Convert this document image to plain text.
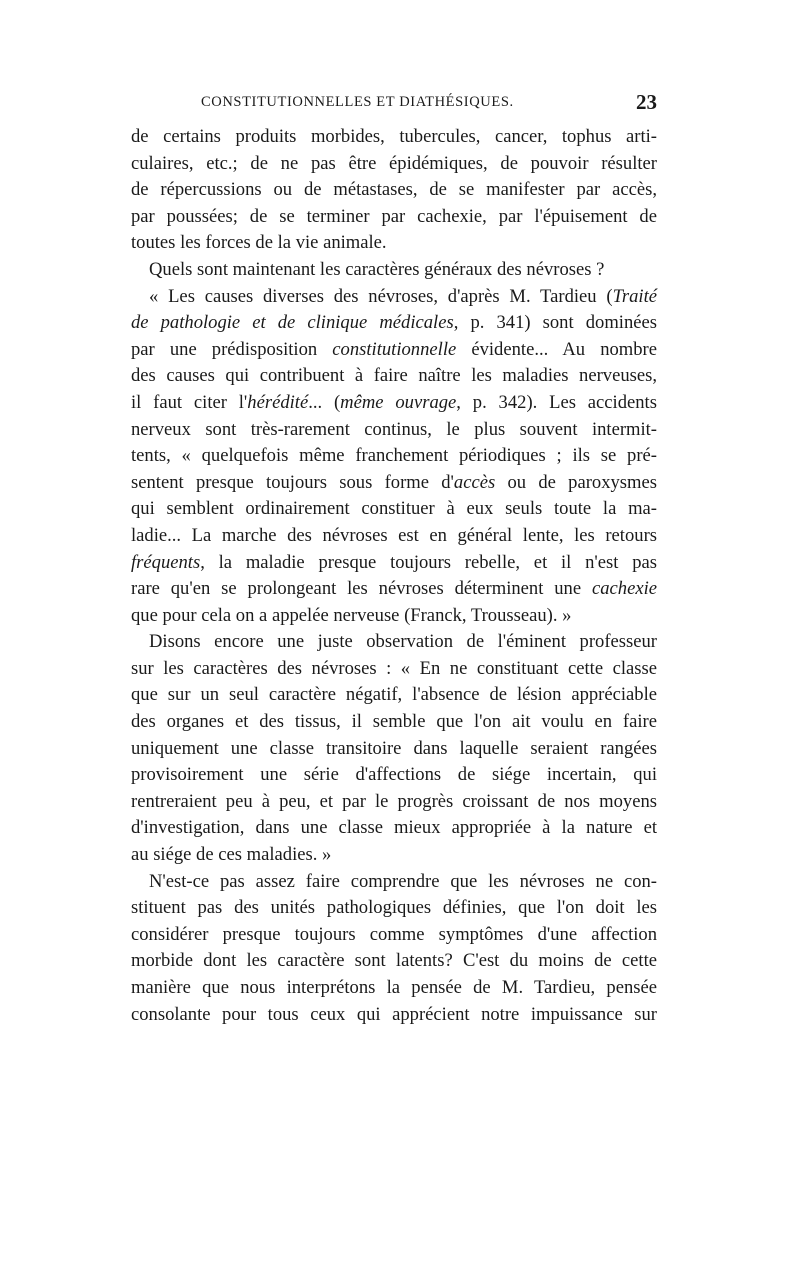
CONSTITUTIONNELLES ET DIATHÉSIQUES.	23
de certains produits morbides, tubercules, cancer, tophus arti-
culaires, etc.; de ne pas être épidémiques, de pouvoir résulter
de répercussions ou de métastases, de se manifester par accès,
par poussées; de se terminer par cachexie, par l'épuisement de
toutes les forces de la vie animale.
Quels sont maintenant les caractères généraux des névroses ?
« Les causes diverses des névroses, d'après M. Tardieu (Traité
de pathologie et de clinique médicales, p. 341) sont dominées
par une prédisposition constitutionnelle évidente... Au nombre
des causes qui contribuent à faire naître les maladies nerveuses,
il faut citer l'hérédité... (même ouvrage, p. 342). Les accidents
nerveux sont très-rarement continus, le plus souvent intermit-
tents, « quelquefois même franchement périodiques ; ils se pré-
sentent presque toujours sous forme d'accès ou de paroxysmes
qui semblent ordinairement constituer à eux seuls toute la ma-
ladie... La marche des névroses est en général lente, les retours
fréquents, la maladie presque toujours rebelle, et il n'est pas
rare qu'en se prolongeant les névroses déterminent une cachexie
que pour cela on a appelée nerveuse (Franck, Trousseau). »
Disons encore une juste observation de l'éminent professeur
sur les caractères des névroses : « En ne constituant cette classe
que sur un seul caractère négatif, l'absence de lésion appréciable
des organes et des tissus, il semble que l'on ait voulu en faire
uniquement une classe transitoire dans laquelle seraient rangées
provisoirement une série d'affections de siége incertain, qui
rentreraient peu à peu, et par le progrès croissant de nos moyens
d'investigation, dans une classe mieux appropriée à la nature et
au siége de ces maladies. »
N'est-ce pas assez faire comprendre que les névroses ne con-
stituent pas des unités pathologiques définies, que l'on doit les
considérer presque toujours comme symptômes d'une affection
morbide dont les caractère sont latents? C'est du moins de cette
manière que nous interprétons la pensée de M. Tardieu, pensée
consolante pour tous ceux qui apprécient notre impuissance sur
